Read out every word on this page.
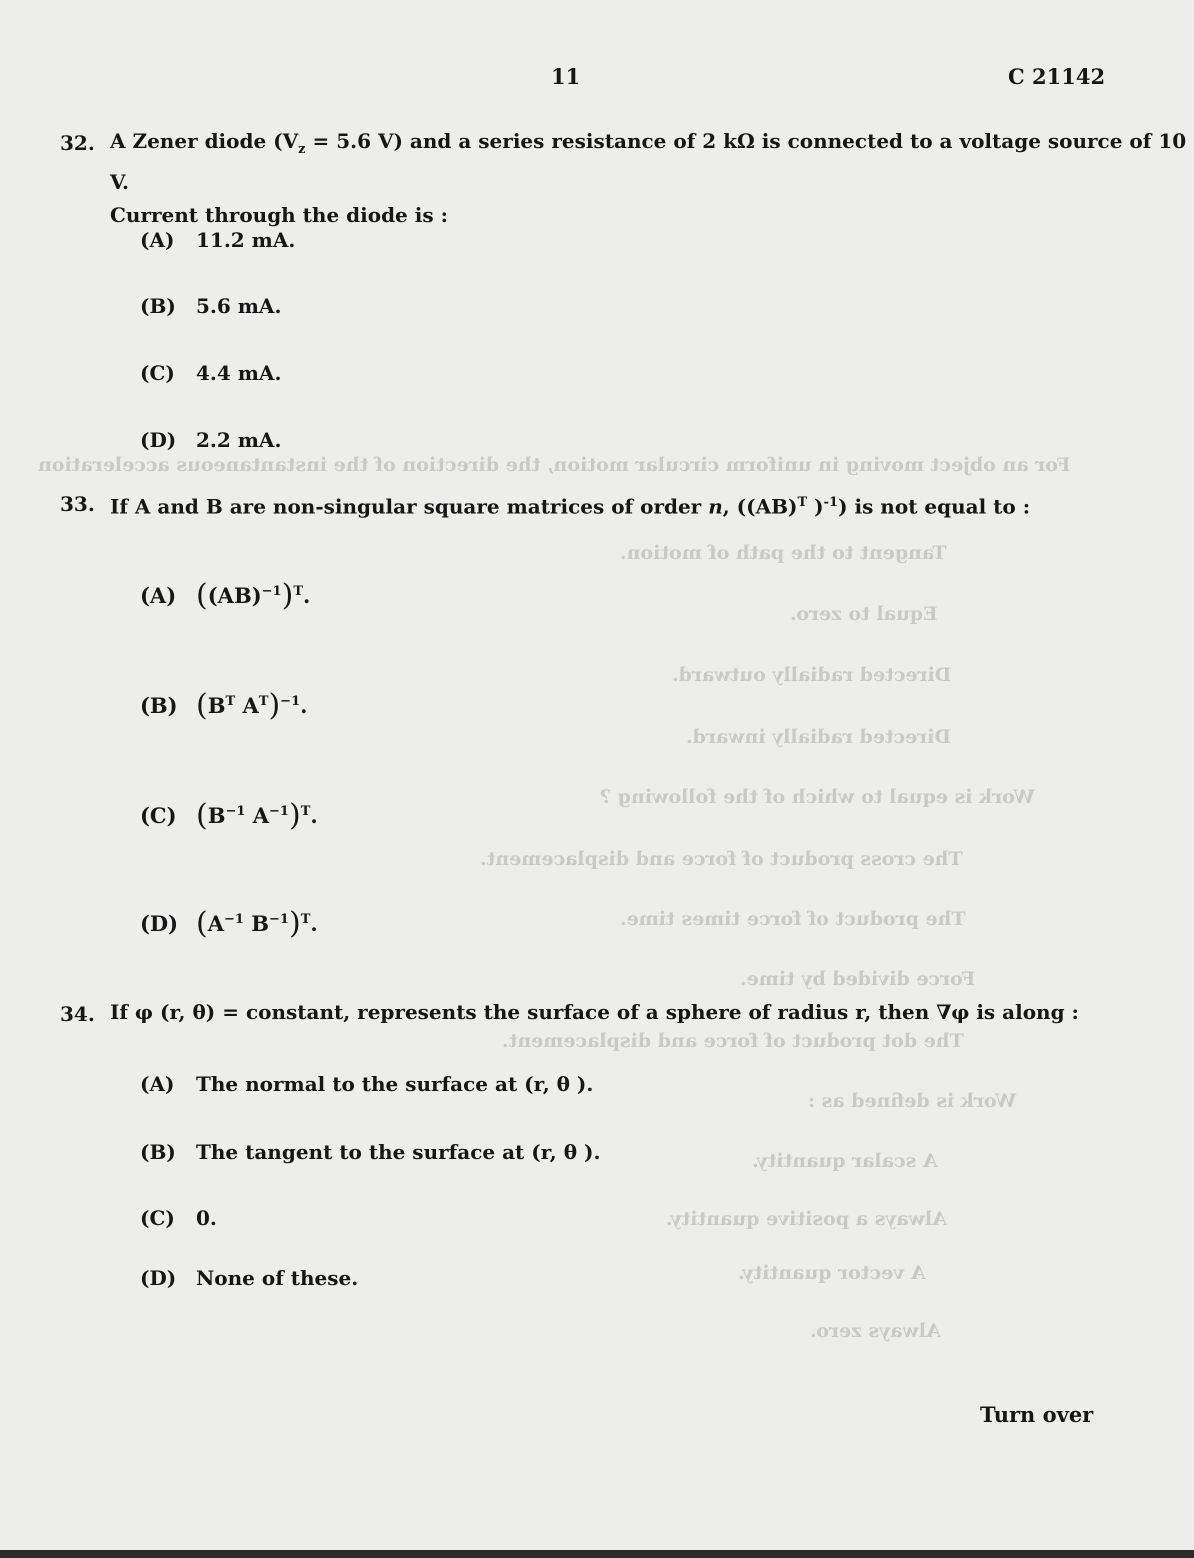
For an object moving in uniform circular motion, the direction of the instantaneous acceleration
Tangent to the path of motion.
Equal to zero.
Directed radially outward.
Directed radially inward.
Work is equal to which of the following ?
The cross product of force and displacement.
The product of force times time.
Force divided by time.
The dot product of force and displacement.
Work is defined as :
A scalar quantity.
Always a positive quantity.
A vector quantity.
Always zero.
11	C 21142
32. A Zener diode ($V_z = 5.6$ V) and a series resistance of 2 kΩ is connected to a voltage source of 10 V.
Current through the diode is :
(A) 11.2 mA.
(B) 5.6 mA.
(C) 4.4 mA.
(D) 2.2 mA.
33. If A and B are non-singular square matrices of order n, ((AB)$^T$ )$^{-1}$) is not equal to :
(A) $((AB)^{-1})^T$.
(B) ($B^T$ $A^T)^{-1}$.
(C) ($B^{-1}$ $A^{-1})^T$.
(D) ($A^{-1}$ $B^{-1})^T$.
34. If φ (r, θ) = constant, represents the surface of a sphere of radius r, then ∇φ is along :
(A) The normal to the surface at (r, θ ).
(B) The tangent to the surface at (r, θ ).
(C) 0.
(D) None of these.
Turn over
